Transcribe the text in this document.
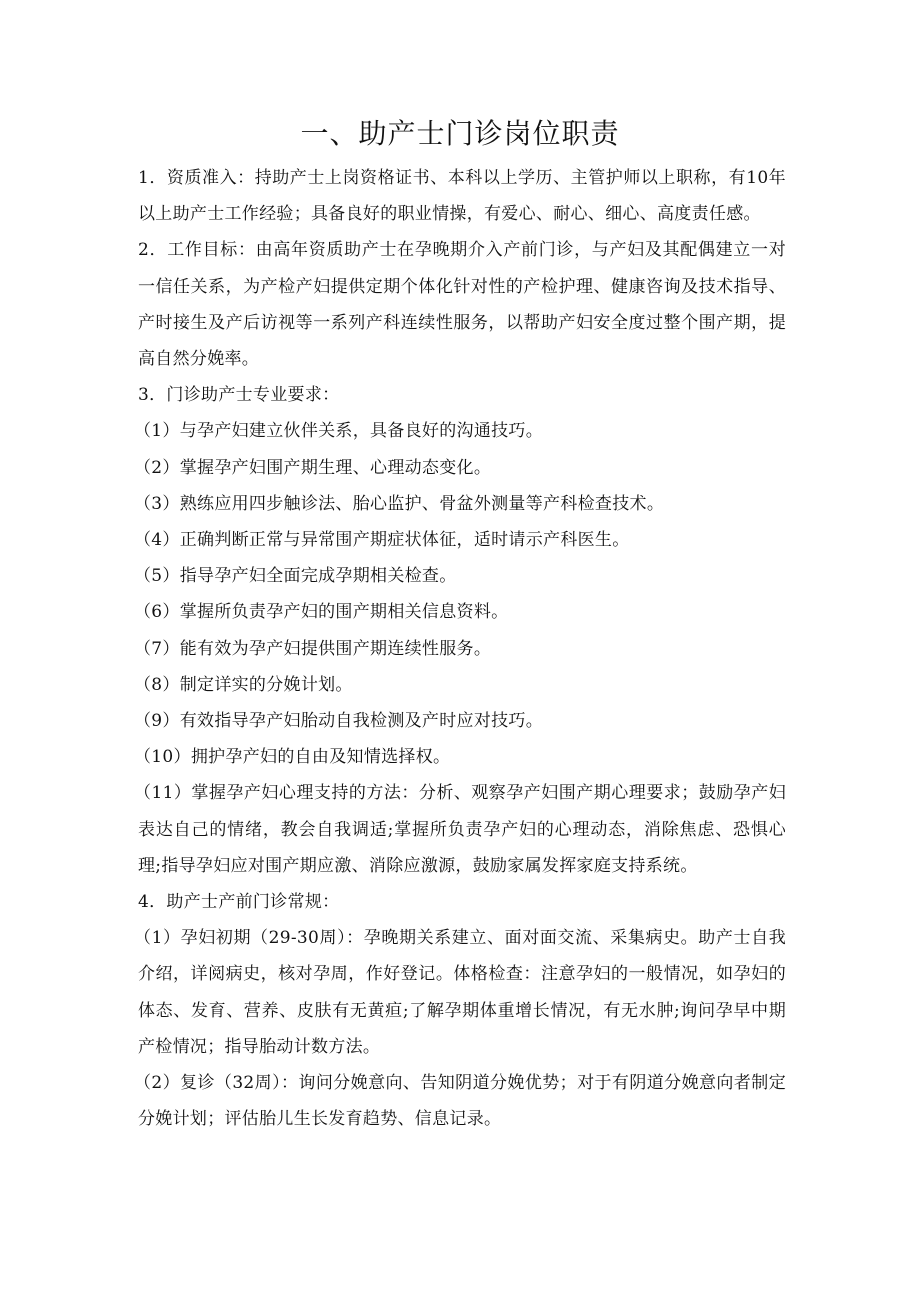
一、助产士门诊岗位职责

1．资质准入：持助产士上岗资格证书、本科以上学历、主管护师以上职称，有10年以上助产士工作经验；具备良好的职业情操，有爱心、耐心、细心、高度责任感。

2．工作目标：由高年资质助产士在孕晚期介入产前门诊，与产妇及其配偶建立一对一信任关系，为产检产妇提供定期个体化针对性的产检护理、健康咨询及技术指导、产时接生及产后访视等一系列产科连续性服务，以帮助产妇安全度过整个围产期，提高自然分娩率。

3．门诊助产士专业要求：

（1）与孕产妇建立伙伴关系，具备良好的沟通技巧。

（2）掌握孕产妇围产期生理、心理动态变化。

（3）熟练应用四步触诊法、胎心监护、骨盆外测量等产科检查技术。

（4）正确判断正常与异常围产期症状体征，适时请示产科医生。

（5）指导孕产妇全面完成孕期相关检查。

（6）掌握所负责孕产妇的围产期相关信息资料。

（7）能有效为孕产妇提供围产期连续性服务。

（8）制定详实的分娩计划。

（9）有效指导孕产妇胎动自我检测及产时应对技巧。

（10）拥护孕产妇的自由及知情选择权。

（11）掌握孕产妇心理支持的方法：分析、观察孕产妇围产期心理要求；鼓励孕产妇表达自己的情绪，教会自我调适;掌握所负责孕产妇的心理动态，消除焦虑、恐惧心理;指导孕妇应对围产期应激、消除应激源，鼓励家属发挥家庭支持系统。

4．助产士产前门诊常规：

（1）孕妇初期（29-30周）：孕晚期关系建立、面对面交流、采集病史。助产士自我介绍，详阅病史，核对孕周，作好登记。体格检查：注意孕妇的一般情况，如孕妇的体态、发育、营养、皮肤有无黄疸;了解孕期体重增长情况，有无水肿;询问孕早中期产检情况；指导胎动计数方法。

（2）复诊（32周）：询问分娩意向、告知阴道分娩优势；对于有阴道分娩意向者制定分娩计划；评估胎儿生长发育趋势、信息记录。
